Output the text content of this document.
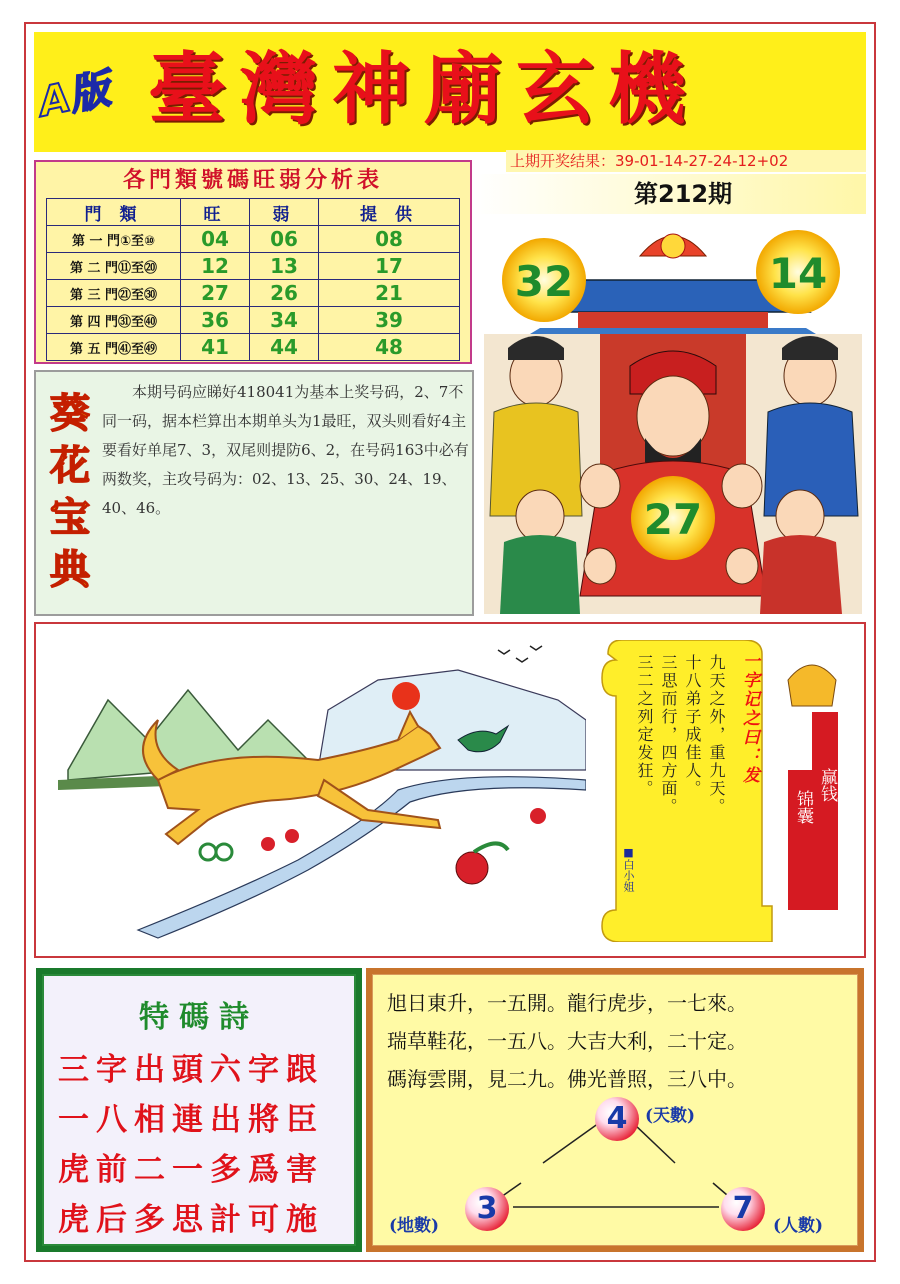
A版 臺灣神廟玄機
上期开奖结果：39-01-14-27-24-12+02
第212期
各門類號碼旺弱分析表
門 類	旺	弱	提 供
第 一 門①至⑩	04	06	08
第 二 門⑪至⑳	12	13	17
第 三 門㉑至㉚	27	26	21
第 四 門㉛至㊵	36	34	39
第 五 門㊶至㊾	41	44	48
葵
花
宝
典
本期号码应睇好418041为基本上奖号码，2、7不同一码，据本栏算出本期单头为1最旺，双头则看好4主要看好单尾7、3，双尾则提防6、2，在号码163中必有两数奖，主攻号码为：02、13、25、30、24、19、40、46。
32	14
27
一字记之曰：发
九天之外，重九天。
十八弟子成佳人。
三思而行，四方面。
三二之列定发狂。
■白小姐
赢钱
锦囊
特碼詩
三字出頭六字跟
一八相連出將臣
虎前二一多爲害
虎后多思計可施
旭日東升，一五開。龍行虎步，一七來。
瑞草鞋花，一五八。大吉大利，二十定。
碼海雲開，見二九。佛光普照，三八中。
4	(天數)
3
(地數)	7	(人數)
